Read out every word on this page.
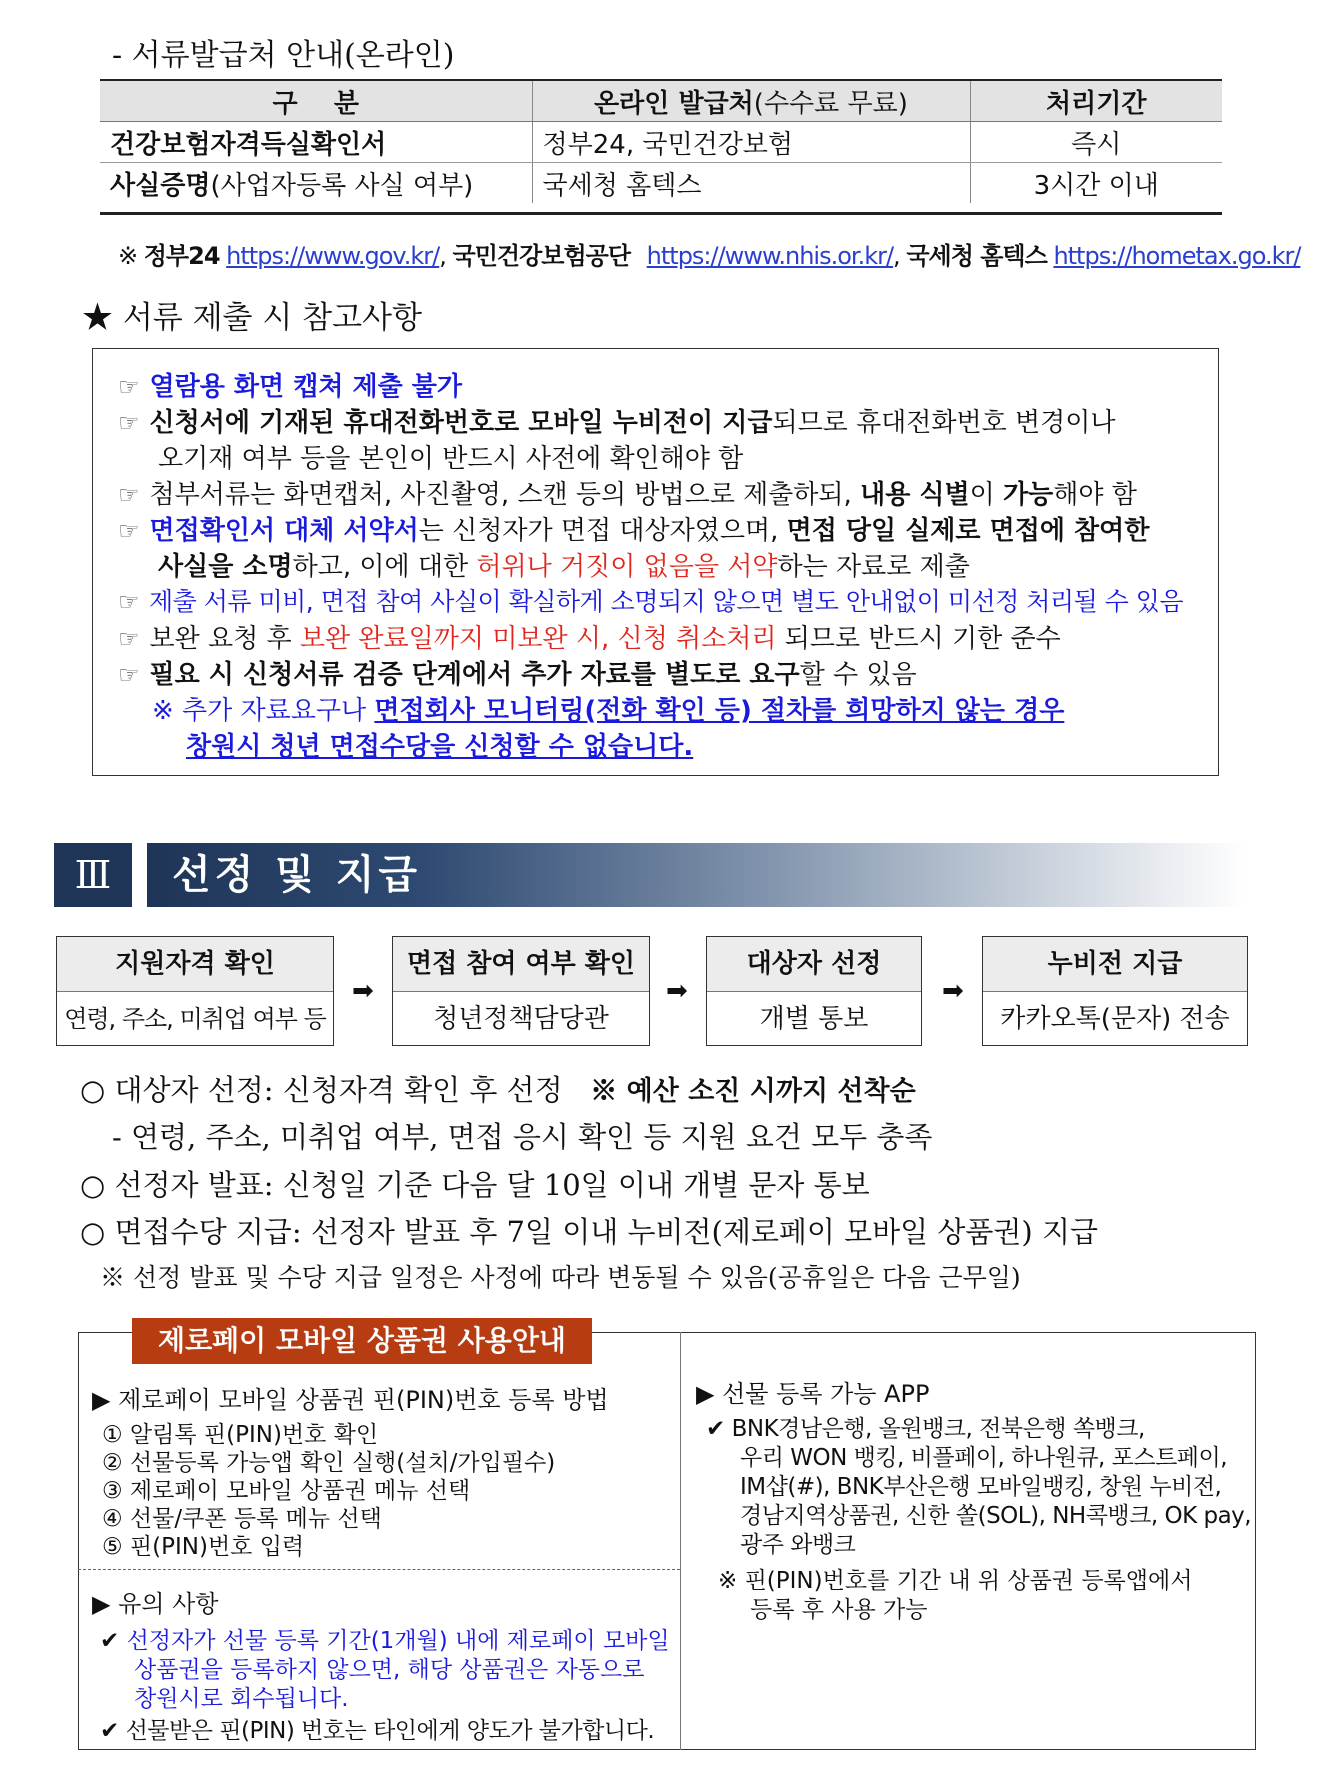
- 서류발급처 안내(온라인)
구    분	온라인 발급처(수수료 무료)	처리기간
건강보험자격득실확인서	정부24, 국민건강보험	즉시
사실증명(사업자등록 사실 여부)	국세청 홈텍스	3시간 이내
※ 정부24 https://www.gov.kr/, 국민건강보험공단 https://www.nhis.or.kr/, 국세청 홈텍스 https://hometax.go.kr/
★ 서류 제출 시 참고사항
☞ 열람용 화면 캡쳐 제출 불가
☞ 신청서에 기재된 휴대전화번호로 모바일 누비전이 지급되므로 휴대전화번호 변경이나
오기재 여부 등을 본인이 반드시 사전에 확인해야 함
☞ 첨부서류는 화면캡처, 사진촬영, 스캔 등의 방법으로 제출하되, 내용 식별이 가능해야 함
☞ 면접확인서 대체 서약서는 신청자가 면접 대상자였으며, 면접 당일 실제로 면접에 참여한
사실을 소명하고, 이에 대한 허위나 거짓이 없음을 서약하는 자료로 제출
☞ 제출 서류 미비, 면접 참여 사실이 확실하게 소명되지 않으면 별도 안내없이 미선정 처리될 수 있음
☞ 보완 요청 후 보완 완료일까지 미보완 시, 신청 취소처리 되므로 반드시 기한 준수
☞ 필요 시 신청서류 검증 단계에서 추가 자료를 별도로 요구할 수 있음
※ 추가 자료요구나 면접회사 모니터링(전화 확인 등) 절차를 희망하지 않는 경우
창원시 청년 면접수당을 신청할 수 없습니다.
Ⅲ	선정 및 지급
지원자격 확인
연령, 주소, 미취업 여부 등
➡
면접 참여 여부 확인
청년정책담당관
➡
대상자 선정
개별 통보
➡
누비전 지급
카카오톡(문자) 전송
○ 대상자 선정: 신청자격 확인 후 선정 ※ 예산 소진 시까지 선착순
- 연령, 주소, 미취업 여부, 면접 응시 확인 등 지원 요건 모두 충족
○ 선정자 발표: 신청일 기준 다음 달 10일 이내 개별 문자 통보
○ 면접수당 지급: 선정자 발표 후 7일 이내 누비전(제로페이 모바일 상품권) 지급
※ 선정 발표 및 수당 지급 일정은 사정에 따라 변동될 수 있음(공휴일은 다음 근무일)
제로페이 모바일 상품권 사용안내
▶ 제로페이 모바일 상품권 핀(PIN)번호 등록 방법
① 알림톡 핀(PIN)번호 확인
② 선물등록 가능앱 확인 실행(설치/가입필수)
③ 제로페이 모바일 상품권 메뉴 선택
④ 선물/쿠폰 등록 메뉴 선택
⑤ 핀(PIN)번호 입력
▶ 유의 사항
✔ 선정자가 선물 등록 기간(1개월) 내에 제로페이 모바일
상품권을 등록하지 않으면, 해당 상품권은 자동으로
창원시로 회수됩니다.
✔ 선물받은 핀(PIN) 번호는 타인에게 양도가 불가합니다.
▶ 선물 등록 가능 APP
✔ BNK경남은행, 올원뱅크, 전북은행 쏙뱅크,
우리 WON 뱅킹, 비플페이, 하나원큐, 포스트페이,
IM샵(#), BNK부산은행 모바일뱅킹, 창원 누비전,
경남지역상품권, 신한 쏠(SOL), NH콕뱅크, OK pay,
광주 와뱅크
※ 핀(PIN)번호를 기간 내 위 상품권 등록앱에서
등록 후 사용 가능
